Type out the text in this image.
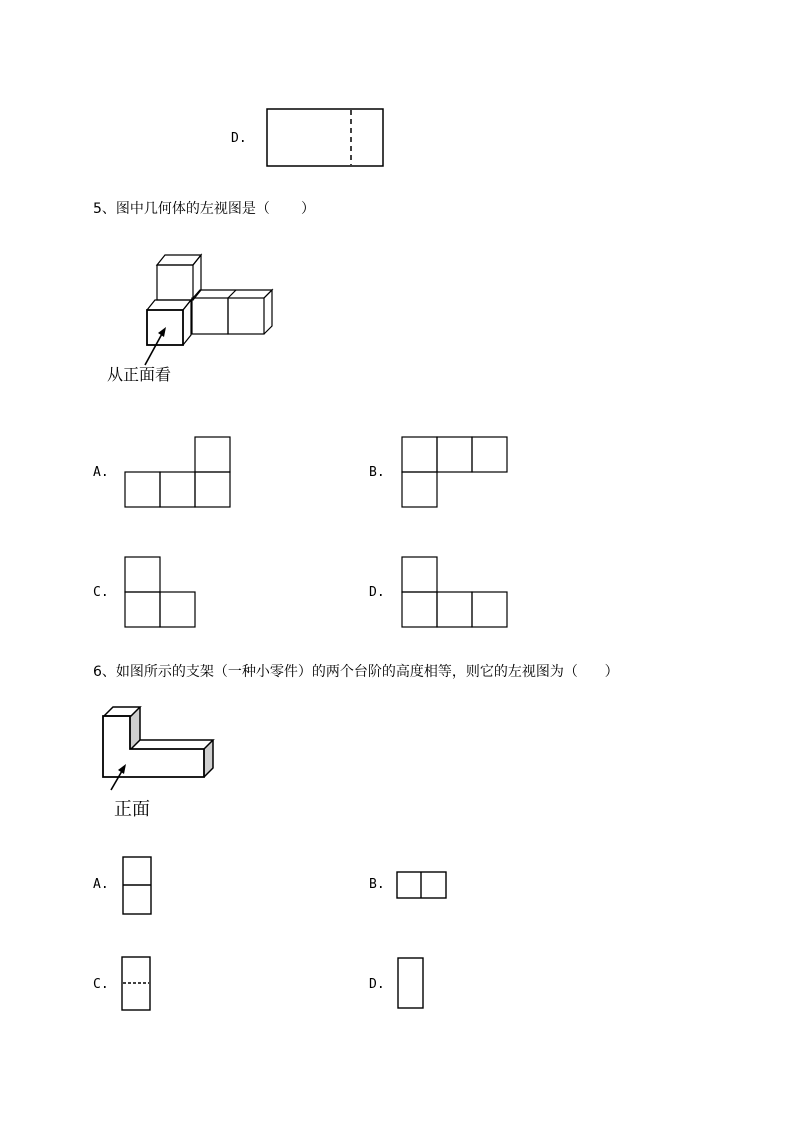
D.
5、图中几何体的左视图是（       ）
从正面看
A.	B.
C.	D.
6、如图所示的支架（一种小零件）的两个台阶的高度相等，则它的左视图为（      ）
正面
A.	B.
C.	D.
